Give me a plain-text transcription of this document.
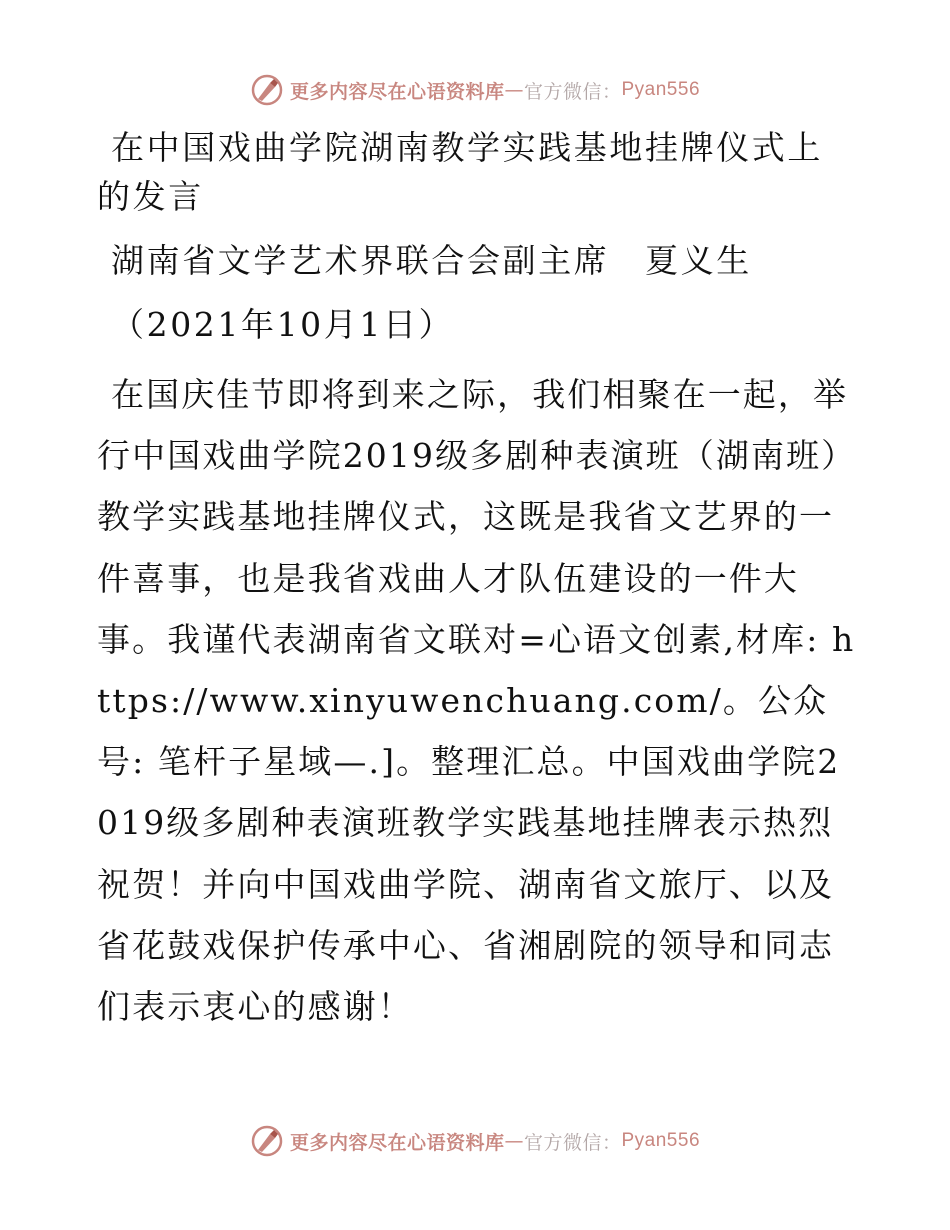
更多内容尽在心语资料库 — 官方微信： Pyan556

在中国戏曲学院湖南教学实践基地挂牌仪式上的发言

湖南省文学艺术界联合会副主席　夏义生

（2021年10月1日）

在国庆佳节即将到来之际，我们相聚在一起，举行中国戏曲学院2019级多剧种表演班（湖南班）教学实践基地挂牌仪式，这既是我省文艺界的一件喜事，也是我省戏曲人才队伍建设的一件大事。我谨代表湖南省文联对=心语文创素,材库: https://www.xinyuwenchuang.com/。公众号: 笔杆子星域—.]。整理汇总。中国戏曲学院2019级多剧种表演班教学实践基地挂牌表示热烈祝贺！并向中国戏曲学院、湖南省文旅厅、以及省花鼓戏保护传承中心、省湘剧院的领导和同志们表示衷心的感谢！

更多内容尽在心语资料库 — 官方微信： Pyan556
